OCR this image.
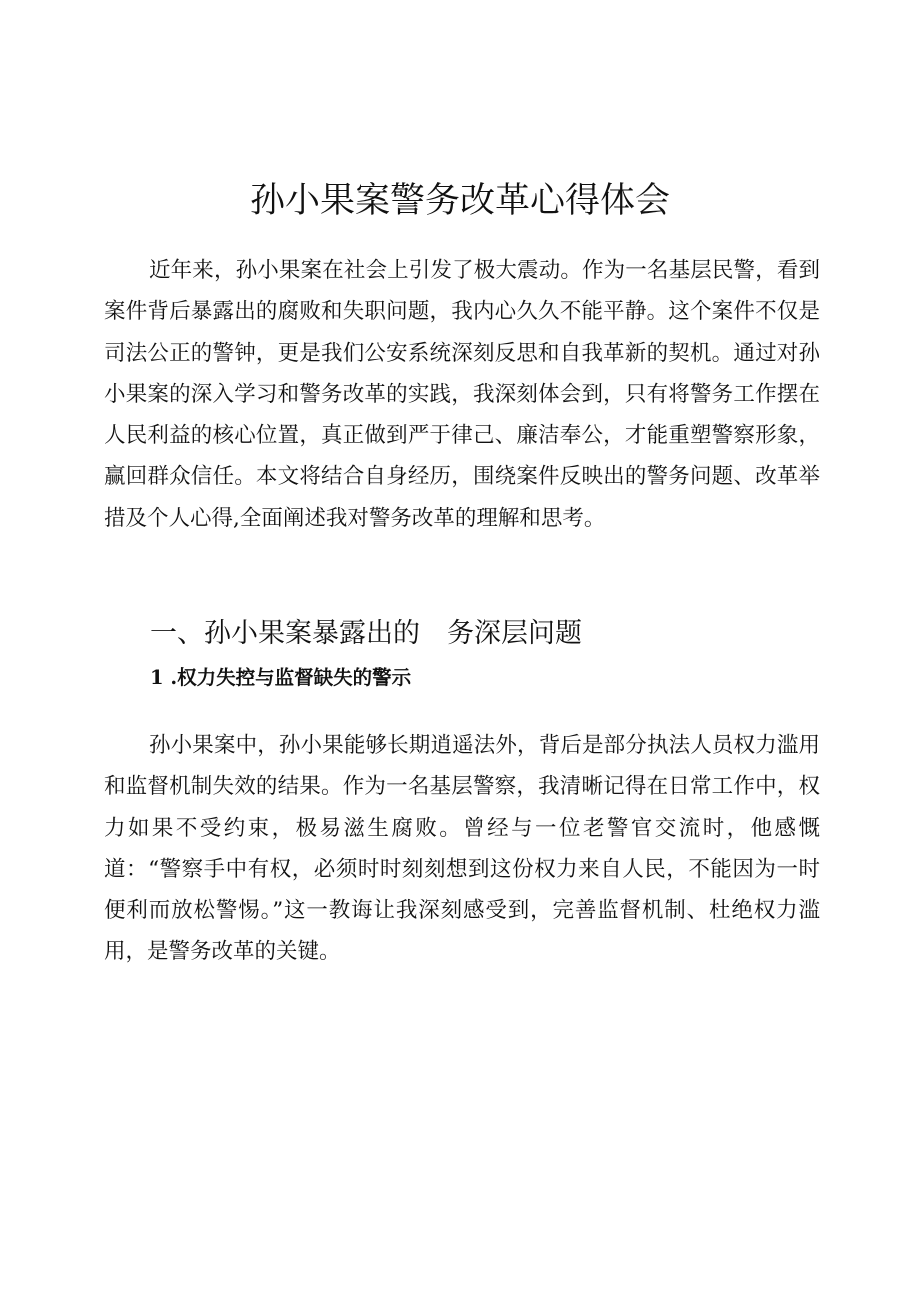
孙小果案警务改革心得体会

近年来，孙小果案在社会上引发了极大震动。作为一名基层民警，看到案件背后暴露出的腐败和失职问题，我内心久久不能平静。这个案件不仅是司法公正的警钟，更是我们公安系统深刻反思和自我革新的契机。通过对孙小果案的深入学习和警务改革的实践，我深刻体会到，只有将警务工作摆在人民利益的核心位置，真正做到严于律己、廉洁奉公，才能重塑警察形象，赢回群众信任。本文将结合自身经历，围绕案件反映出的警务问题、改革举措及个人心得,全面阐述我对警务改革的理解和思考。

一、孙小果案暴露出的　务深层问题
1 .权力失控与监督缺失的警示

孙小果案中，孙小果能够长期逍遥法外，背后是部分执法人员权力滥用和监督机制失效的结果。作为一名基层警察，我清晰记得在日常工作中，权力如果不受约束，极易滋生腐败。曾经与一位老警官交流时，他感慨道：“警察手中有权，必须时时刻刻想到这份权力来自人民，不能因为一时便利而放松警惕。”这一教诲让我深刻感受到，完善监督机制、杜绝权力滥用，是警务改革的关键。
